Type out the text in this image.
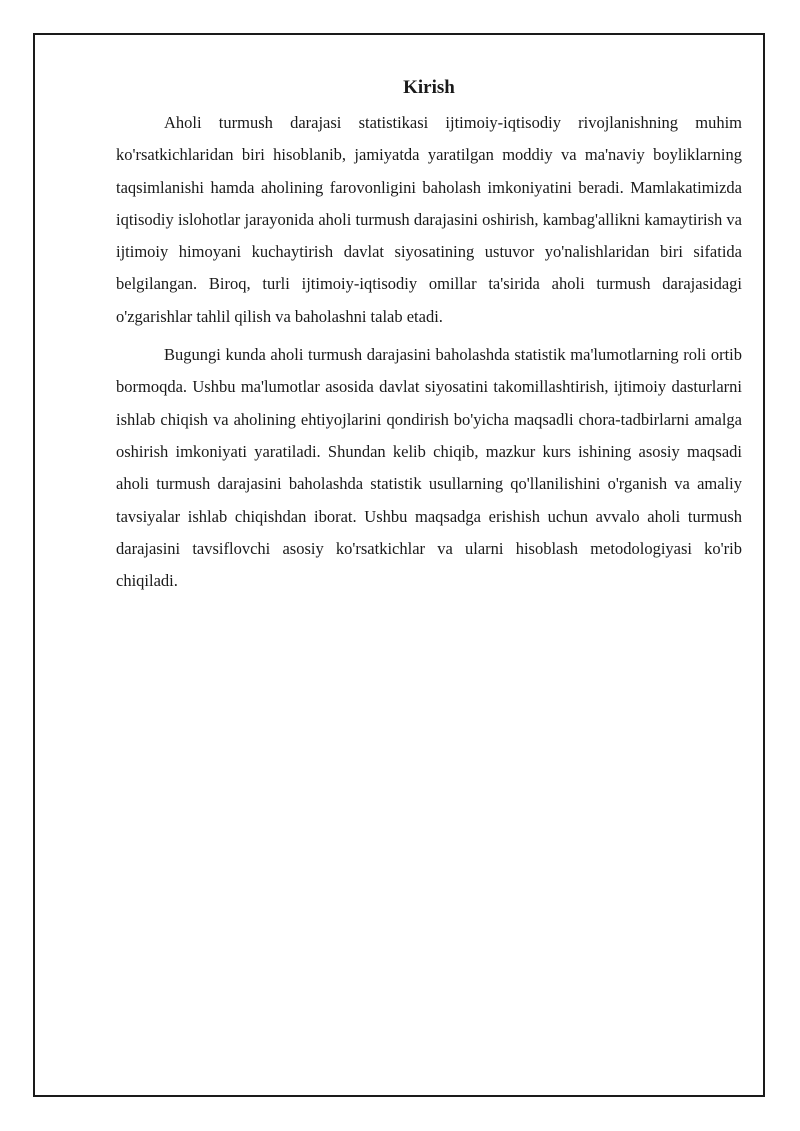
Kirish

Aholi turmush darajasi statistikasi ijtimoiy-iqtisodiy rivojlanishning muhim ko'rsatkichlaridan biri hisoblanib, jamiyatda yaratilgan moddiy va ma'naviy boyliklarning taqsimlanishi hamda aholining farovonligini baholash imkoniyatini beradi. Mamlakatimizda iqtisodiy islohotlar jarayonida aholi turmush darajasini oshirish, kambag'allikni kamaytirish va ijtimoiy himoyani kuchaytirish davlat siyosatining ustuvor yo'nalishlaridan biri sifatida belgilangan. Biroq, turli ijtimoiy-iqtisodiy omillar ta'sirida aholi turmush darajasidagi o'zgarishlar tahlil qilish va baholashni talab etadi.

Bugungi kunda aholi turmush darajasini baholashda statistik ma'lumotlarning roli ortib bormoqda. Ushbu ma'lumotlar asosida davlat siyosatini takomillashtirish, ijtimoiy dasturlarni ishlab chiqish va aholining ehtiyojlarini qondirish bo'yicha maqsadli chora-tadbirlarni amalga oshirish imkoniyati yaratiladi. Shundan kelib chiqib, mazkur kurs ishining asosiy maqsadi aholi turmush darajasini baholashda statistik usullarning qo'llanilishini o'rganish va amaliy tavsiyalar ishlab chiqishdan iborat. Ushbu maqsadga erishish uchun avvalo aholi turmush darajasini tavsiflovchi asosiy ko'rsatkichlar va ularni hisoblash metodologiyasi ko'rib chiqiladi.
